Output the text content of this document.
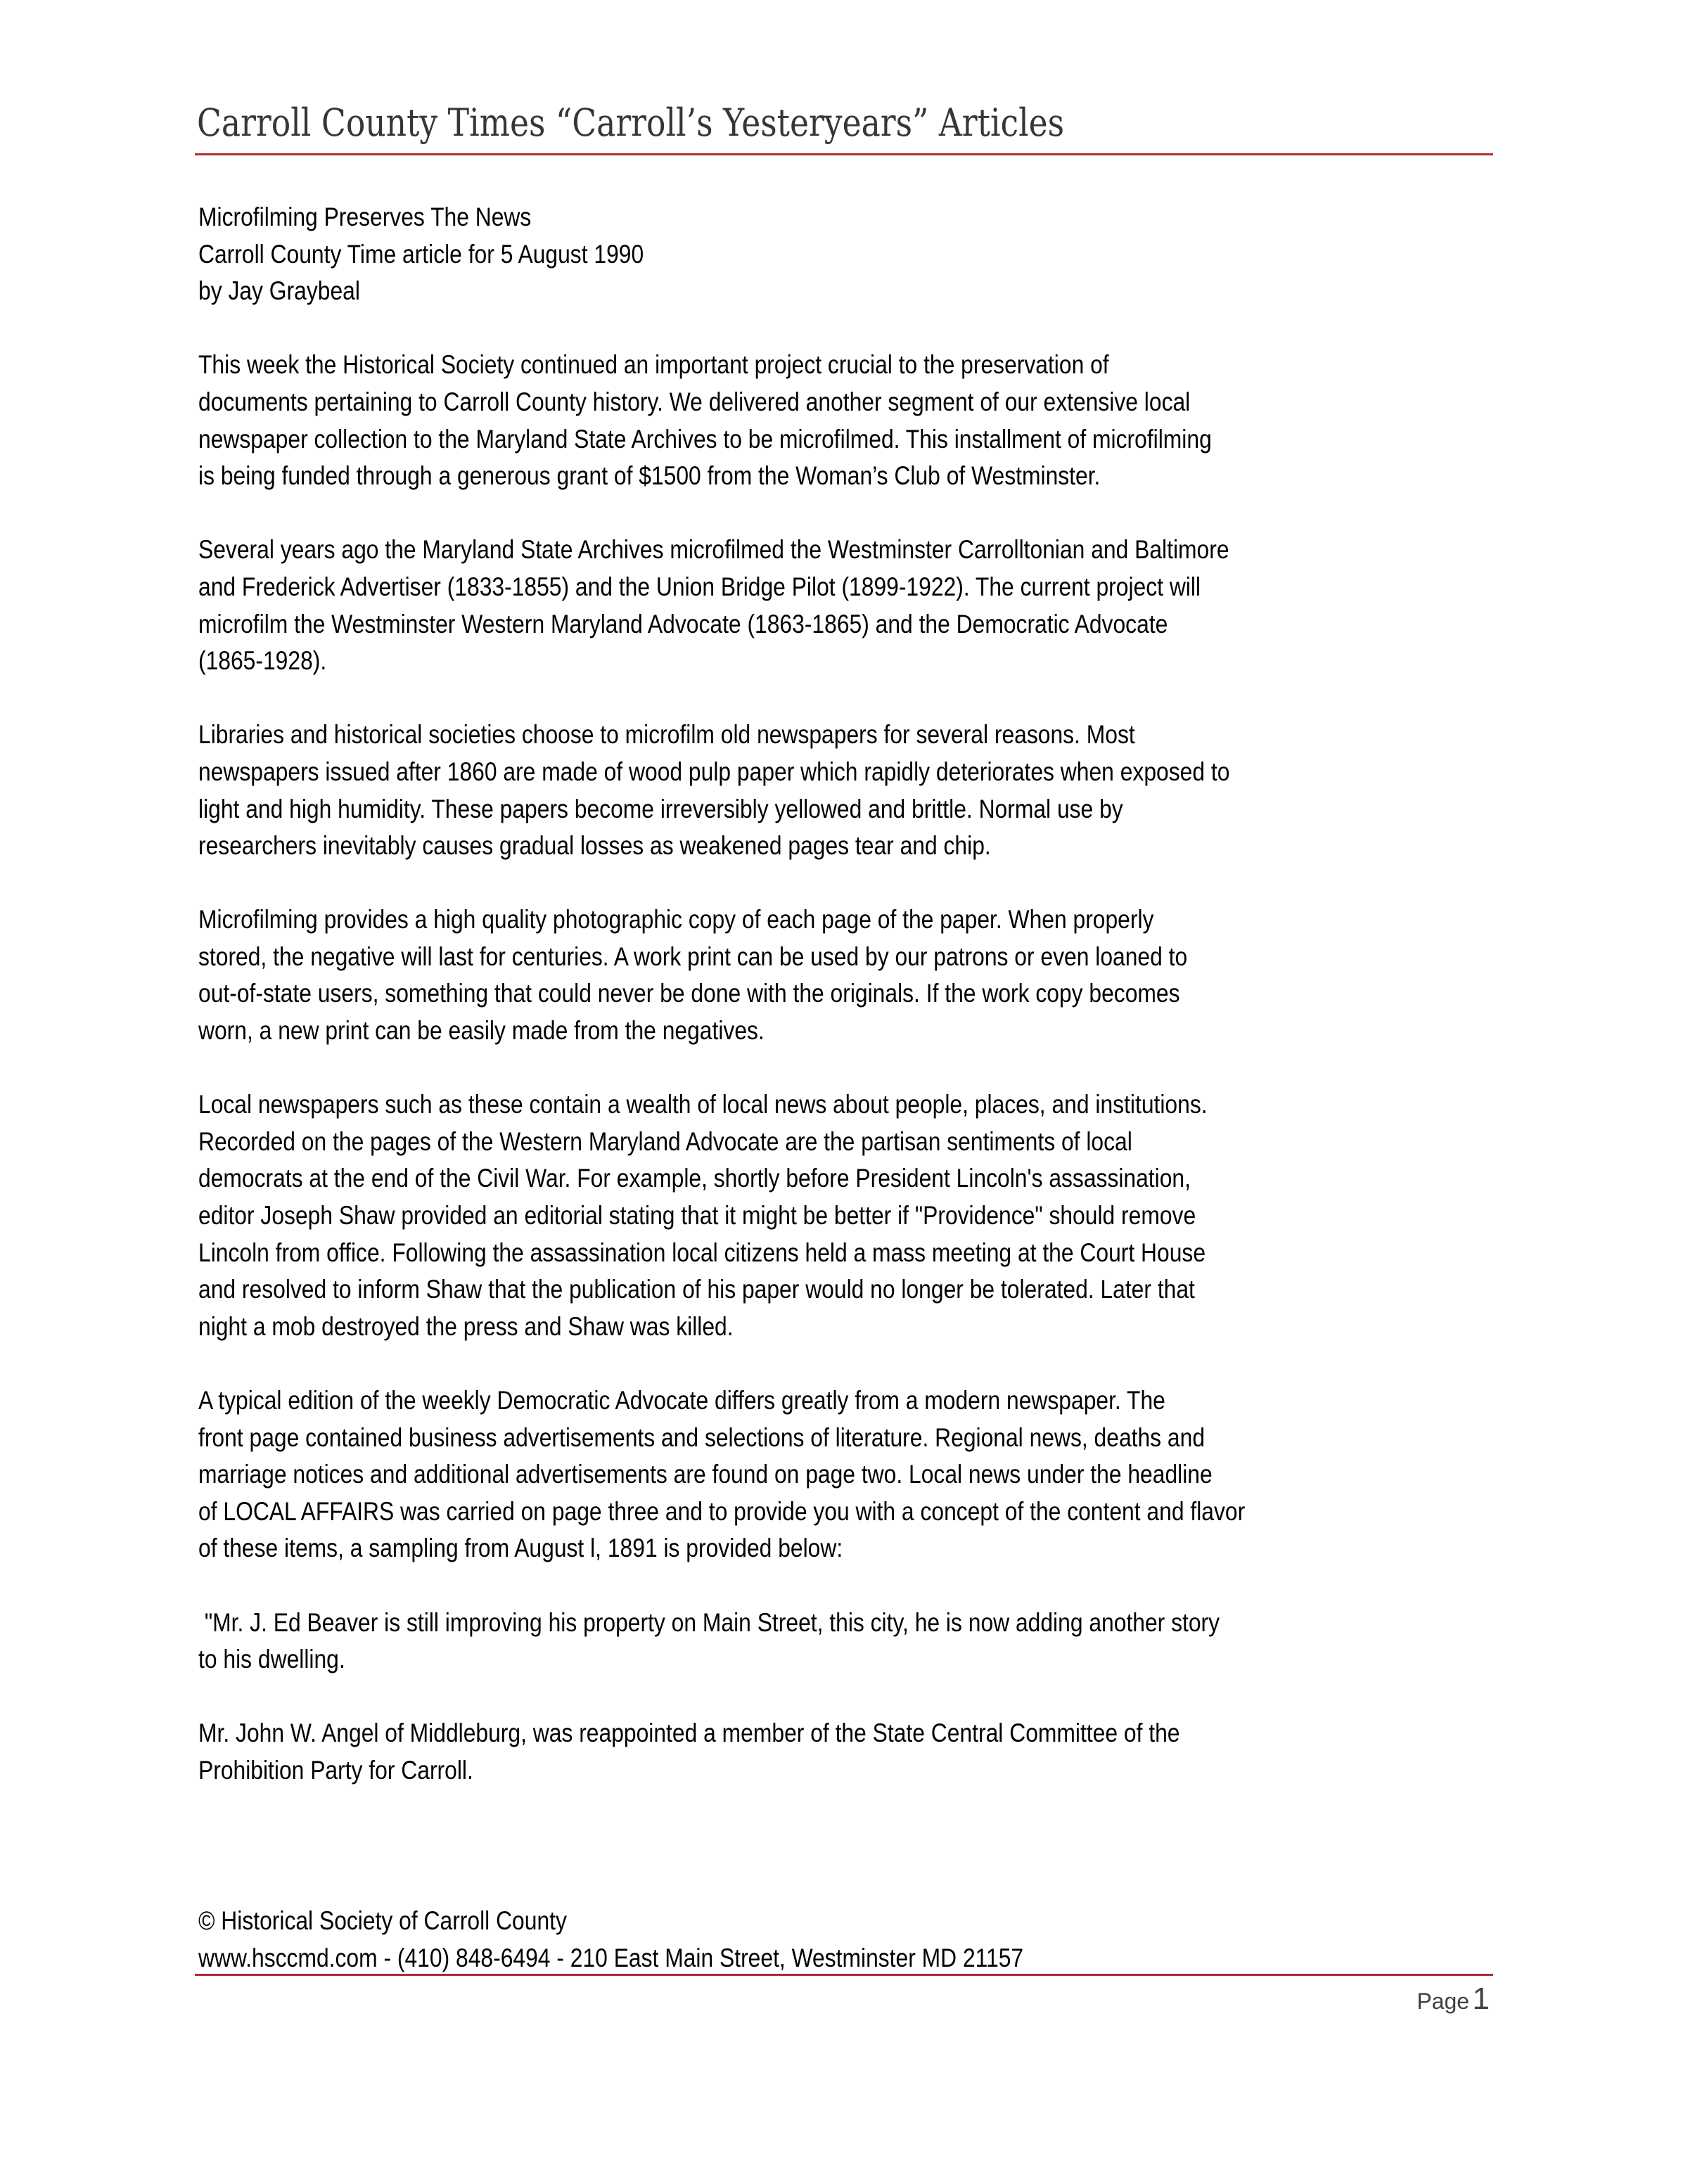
Carroll County Times “Carroll’s Yesteryears” Articles
Microfilming Preserves The News
Carroll County Time article for 5 August 1990
by Jay Graybeal
This week the Historical Society continued an important project crucial to the preservation of
documents pertaining to Carroll County history. We delivered another segment of our extensive local
newspaper collection to the Maryland State Archives to be microfilmed. This installment of microfilming
is being funded through a generous grant of $1500 from the Woman’s Club of Westminster.
Several years ago the Maryland State Archives microfilmed the Westminster Carrolltonian and Baltimore
and Frederick Advertiser (1833-1855) and the Union Bridge Pilot (1899-1922). The current project will
microfilm the Westminster Western Maryland Advocate (1863-1865) and the Democratic Advocate
(1865-1928).
Libraries and historical societies choose to microfilm old newspapers for several reasons. Most
newspapers issued after 1860 are made of wood pulp paper which rapidly deteriorates when exposed to
light and high humidity. These papers become irreversibly yellowed and brittle. Normal use by
researchers inevitably causes gradual losses as weakened pages tear and chip.
Microfilming provides a high quality photographic copy of each page of the paper. When properly
stored, the negative will last for centuries. A work print can be used by our patrons or even loaned to
out-of-state users, something that could never be done with the originals. If the work copy becomes
worn, a new print can be easily made from the negatives.
Local newspapers such as these contain a wealth of local news about people, places, and institutions.
Recorded on the pages of the Western Maryland Advocate are the partisan sentiments of local
democrats at the end of the Civil War. For example, shortly before President Lincoln's assassination,
editor Joseph Shaw provided an editorial stating that it might be better if "Providence" should remove
Lincoln from office. Following the assassination local citizens held a mass meeting at the Court House
and resolved to inform Shaw that the publication of his paper would no longer be tolerated. Later that
night a mob destroyed the press and Shaw was killed.
A typical edition of the weekly Democratic Advocate differs greatly from a modern newspaper. The
front page contained business advertisements and selections of literature. Regional news, deaths and
marriage notices and additional advertisements are found on page two. Local news under the headline
of LOCAL AFFAIRS was carried on page three and to provide you with a concept of the content and flavor
of these items, a sampling from August l, 1891 is provided below:
"Mr. J. Ed Beaver is still improving his property on Main Street, this city, he is now adding another story
to his dwelling.
Mr. John W. Angel of Middleburg, was reappointed a member of the State Central Committee of the
Prohibition Party for Carroll.
© Historical Society of Carroll County
www.hsccmd.com - (410) 848-6494 - 210 East Main Street, Westminster MD 21157
Page 1
